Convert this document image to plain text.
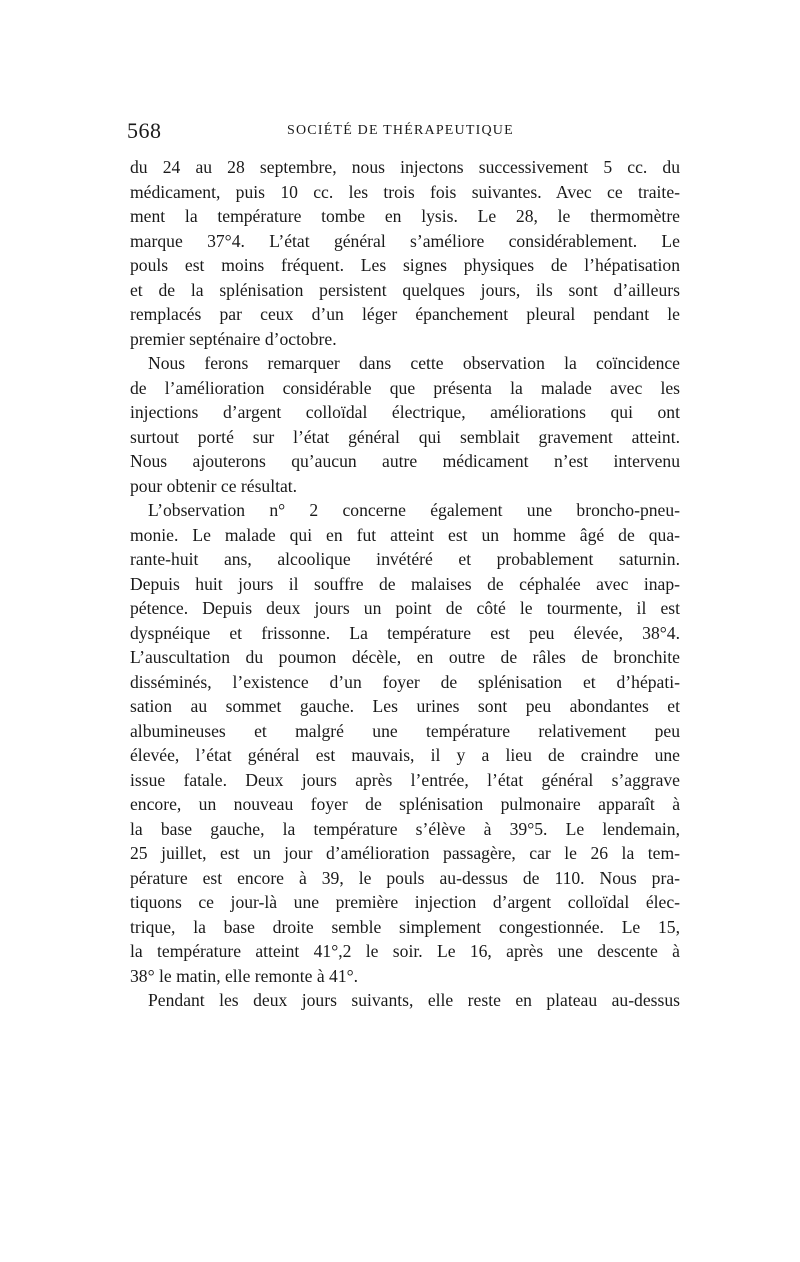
568	SOCIÉTÉ DE THÉRAPEUTIQUE
du 24 au 28 septembre, nous injectons successivement 5 cc. du
médicament, puis 10 cc. les trois fois suivantes. Avec ce traite-
ment la température tombe en lysis. Le 28, le thermomètre
marque 37°4. L’état général s’améliore considérablement. Le
pouls est moins fréquent. Les signes physiques de l’hépatisation
et de la splénisation persistent quelques jours, ils sont d’ailleurs
remplacés par ceux d’un léger épanchement pleural pendant le
premier septénaire d’octobre.
Nous ferons remarquer dans cette observation la coïncidence
de l’amélioration considérable que présenta la malade avec les
injections d’argent colloïdal électrique, améliorations qui ont
surtout porté sur l’état général qui semblait gravement atteint.
Nous ajouterons qu’aucun autre médicament n’est intervenu
pour obtenir ce résultat.
L’observation n° 2 concerne également une broncho-pneu-
monie. Le malade qui en fut atteint est un homme âgé de qua-
rante-huit ans, alcoolique invétéré et probablement saturnin.
Depuis huit jours il souffre de malaises de céphalée avec inap-
pétence. Depuis deux jours un point de côté le tourmente, il est
dyspnéique et frissonne. La température est peu élevée, 38°4.
L’auscultation du poumon décèle, en outre de râles de bronchite
disséminés, l’existence d’un foyer de splénisation et d’hépati-
sation au sommet gauche. Les urines sont peu abondantes et
albumineuses et malgré une température relativement peu
élevée, l’état général est mauvais, il y a lieu de craindre une
issue fatale. Deux jours après l’entrée, l’état général s’aggrave
encore, un nouveau foyer de splénisation pulmonaire apparaît à
la base gauche, la température s’élève à 39°5. Le lendemain,
25 juillet, est un jour d’amélioration passagère, car le 26 la tem-
pérature est encore à 39, le pouls au-dessus de 110. Nous pra-
tiquons ce jour-là une première injection d’argent colloïdal élec-
trique, la base droite semble simplement congestionnée. Le 15,
la température atteint 41°,2 le soir. Le 16, après une descente à
38° le matin, elle remonte à 41°.
Pendant les deux jours suivants, elle reste en plateau au-dessus
